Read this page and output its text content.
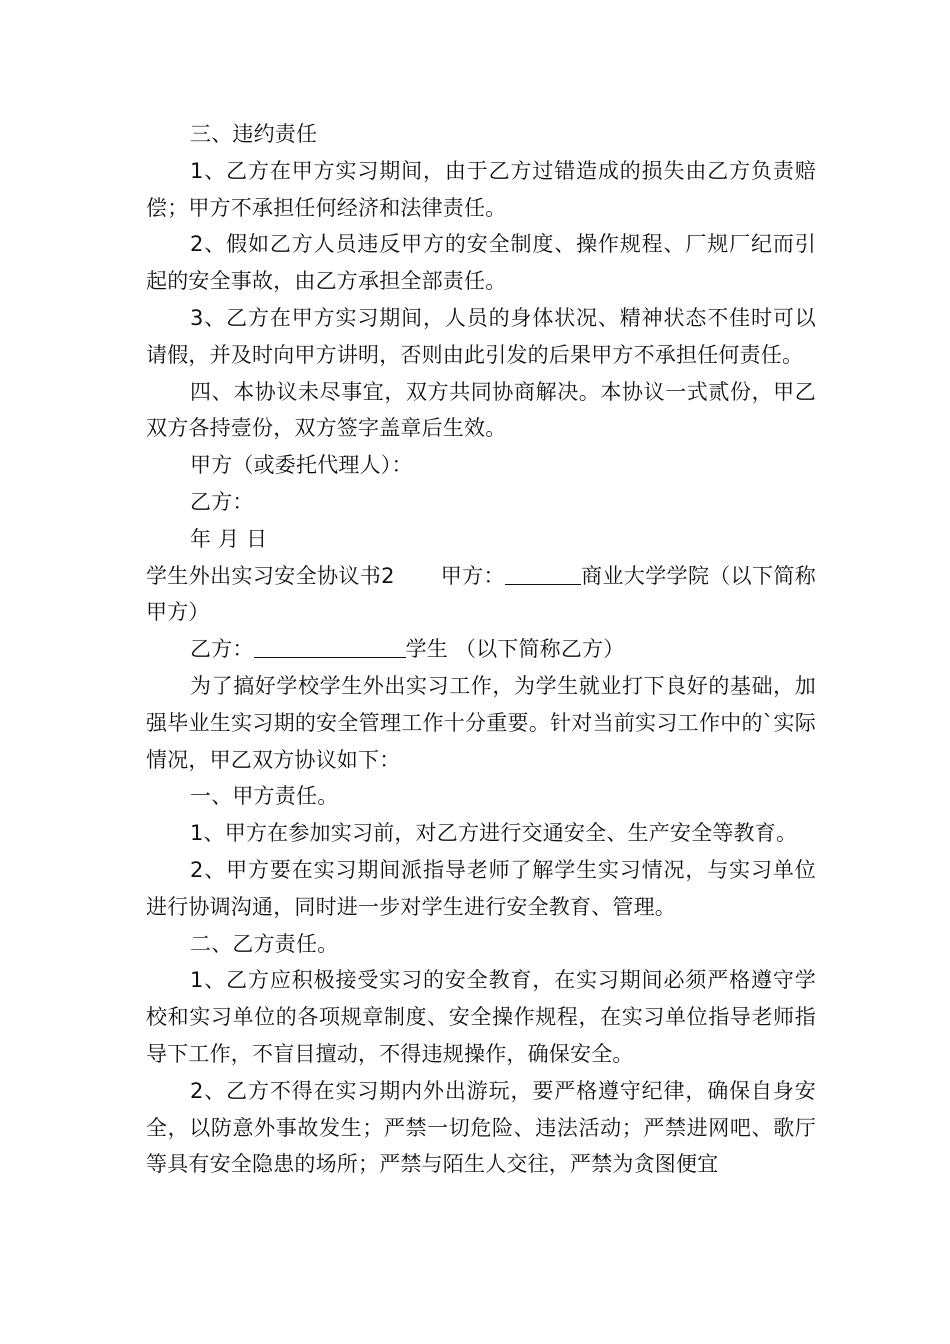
三、违约责任

1、乙方在甲方实习期间，由于乙方过错造成的损失由乙方负责赔偿；甲方不承担任何经济和法律责任。

2、假如乙方人员违反甲方的安全制度、操作规程、厂规厂纪而引起的安全事故，由乙方承担全部责任。

3、乙方在甲方实习期间，人员的身体状况、精神状态不佳时可以请假，并及时向甲方讲明，否则由此引发的后果甲方不承担任何责任。

四、本协议未尽事宜，双方共同协商解决。本协议一式贰份，甲乙双方各持壹份，双方签字盖章后生效。

甲方（或委托代理人）：

乙方：

年 月 日

学生外出实习安全协议书2 甲方：	商业大学学院（以下简称甲方）

乙方：	学生 （以下简称乙方）

为了搞好学校学生外出实习工作，为学生就业打下良好的基础，加强毕业生实习期的安全管理工作十分重要。针对当前实习工作中的`实际情况，甲乙双方协议如下：

一、甲方责任。

1、甲方在参加实习前，对乙方进行交通安全、生产安全等教育。

2、甲方要在实习期间派指导老师了解学生实习情况，与实习单位进行协调沟通，同时进一步对学生进行安全教育、管理。

二、乙方责任。

1、乙方应积极接受实习的安全教育，在实习期间必须严格遵守学校和实习单位的各项规章制度、安全操作规程，在实习单位指导老师指导下工作，不盲目擅动，不得违规操作，确保安全。

2、乙方不得在实习期内外出游玩，要严格遵守纪律，确保自身安全，以防意外事故发生；严禁一切危险、违法活动；严禁进网吧、歌厅等具有安全隐患的场所；严禁与陌生人交往，严禁为贪图便宜
